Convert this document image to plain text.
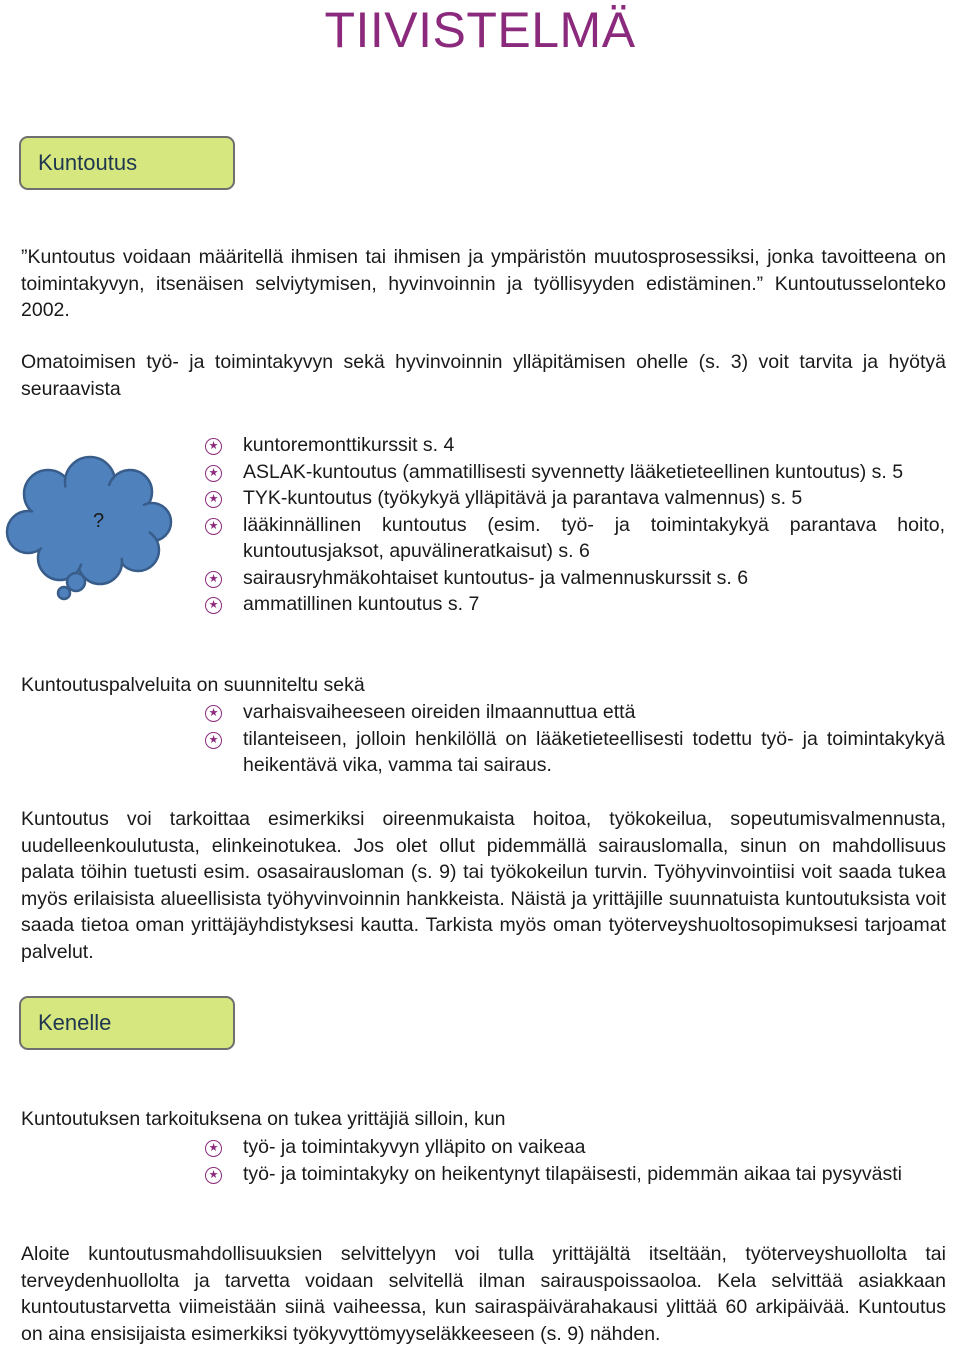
TIIVISTELMÄ
Kuntoutus

”Kuntoutus voidaan määritellä ihmisen tai ihmisen ja ympäristön muutosprosessiksi, jonka tavoitteena on toimintakyvyn, itsenäisen selviytymisen, hyvinvoinnin ja työllisyyden edistäminen.” Kuntoutusselonteko 2002.

Omatoimisen työ- ja toimintakyvyn sekä hyvinvoinnin ylläpitämisen ohelle (s. 3) voit tarvita ja hyötyä seuraavista

?
★ kuntoremonttikurssit s. 4
★ ASLAK-kuntoutus (ammatillisesti syvennetty lääketieteellinen kuntoutus) s. 5
★ TYK-kuntoutus (työkykyä ylläpitävä ja parantava valmennus) s. 5
★ lääkinnällinen kuntoutus (esim. työ- ja toimintakykyä parantava hoito, kuntoutusjaksot, apuvälineratkaisut) s. 6
★ sairausryhmäkohtaiset kuntoutus- ja valmennuskurssit s. 6
★ ammatillinen kuntoutus s. 7

Kuntoutuspalveluita on suunniteltu sekä

★ varhaisvaiheeseen oireiden ilmaannuttua että
★ tilanteiseen, jolloin henkilöllä on lääketieteellisesti todettu työ- ja toimintakykyä heikentävä vika, vamma tai sairaus.

Kuntoutus voi tarkoittaa esimerkiksi oireenmukaista hoitoa, työkokeilua, sopeutumisvalmennusta, uudelleenkoulutusta, elinkeinotukea. Jos olet ollut pidemmällä sairauslomalla, sinun on mahdollisuus palata töihin tuetusti esim. osasairausloman (s. 9) tai työkokeilun turvin. Työhyvinvointiisi voit saada tukea myös erilaisista alueellisista työhyvinvoinnin hankkeista. Näistä ja yrittäjille suunnatuista kuntoutuksista voit saada tietoa oman yrittäjäyhdistyksesi kautta. Tarkista myös oman työterveyshuoltosopimuksesi tarjoamat palvelut.

Kenelle

Kuntoutuksen tarkoituksena on tukea yrittäjiä silloin, kun

★ työ- ja toimintakyvyn ylläpito on vaikeaa
★ työ- ja toimintakyky on heikentynyt tilapäisesti, pidemmän aikaa tai pysyvästi

Aloite kuntoutusmahdollisuuksien selvittelyyn voi tulla yrittäjältä itseltään, työterveyshuollolta tai terveydenhuollolta ja tarvetta voidaan selvitellä ilman sairauspoissaoloa. Kela selvittää asiakkaan kuntoutustarvetta viimeistään siinä vaiheessa, kun sairaspäivärahakausi ylittää 60 arkipäivää. Kuntoutus on aina ensisijaista esimerkiksi työkyvyttömyyseläkkeeseen (s. 9) nähden.
